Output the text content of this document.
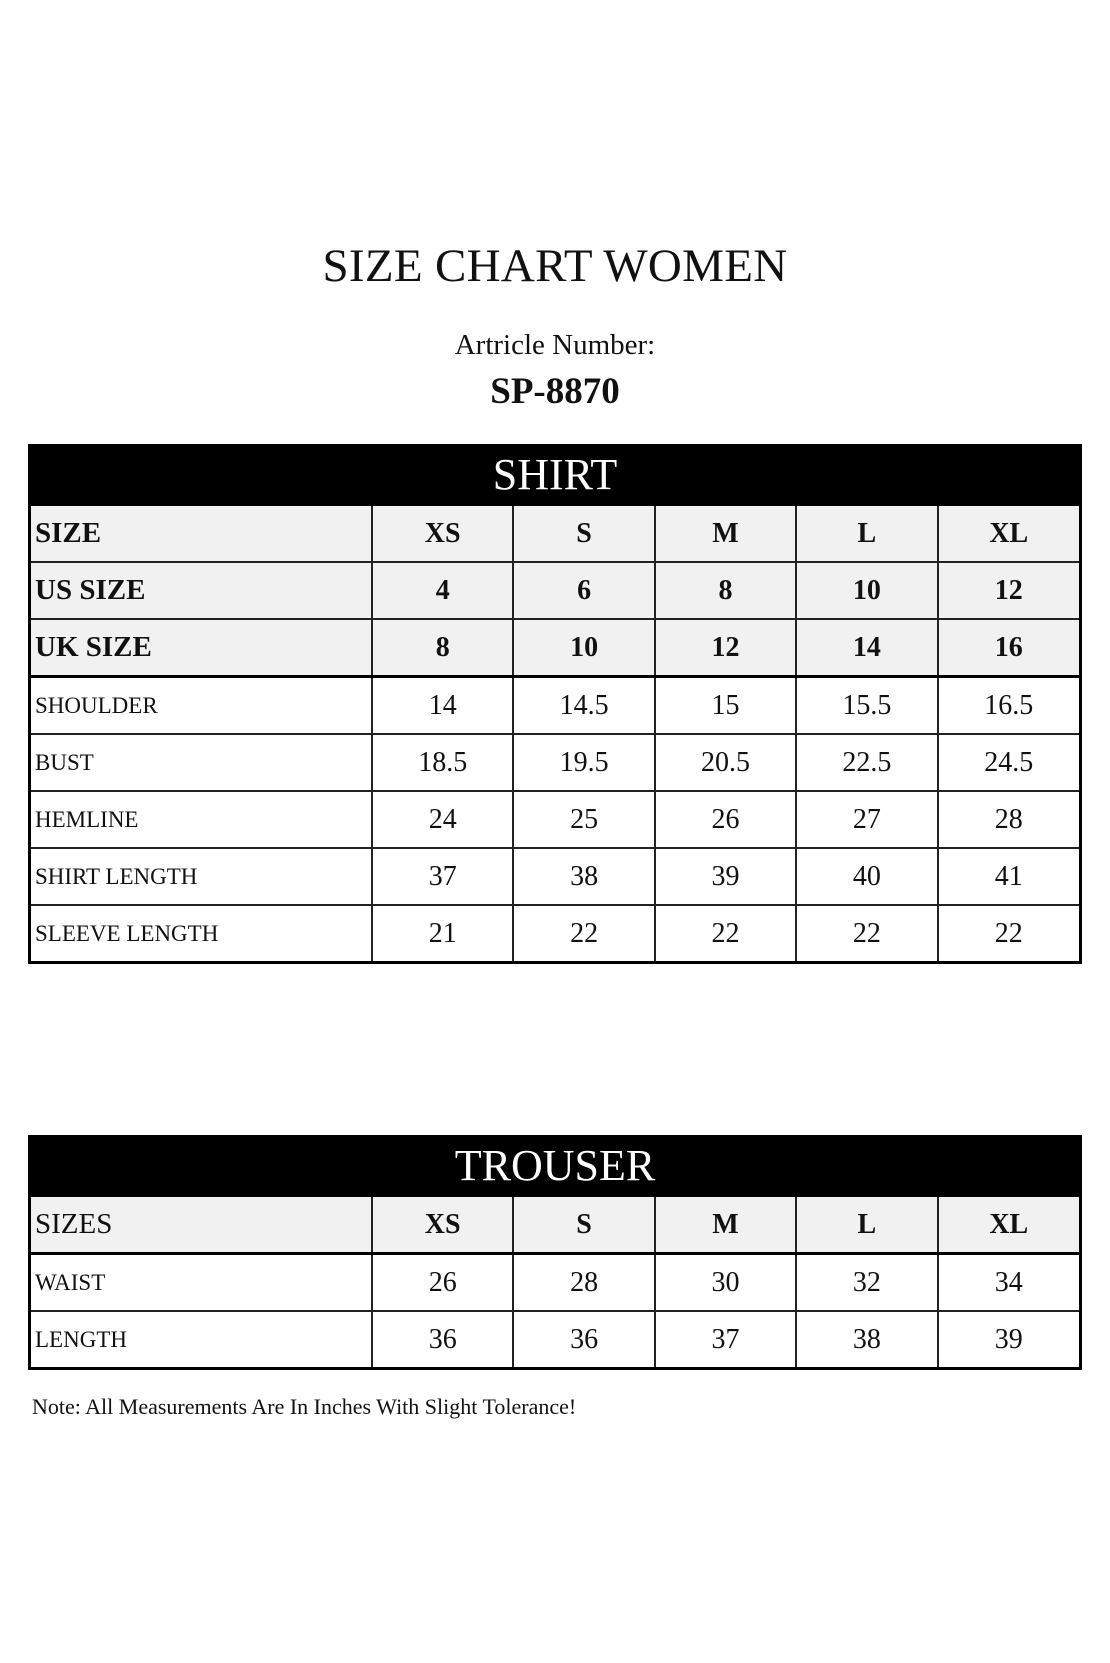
SIZE CHART WOMEN
Artricle Number:
SP-8870
SHIRT
SIZE	XS	S	M	L	XL
US SIZE	4	6	8	10	12
UK SIZE	8	10	12	14	16
SHOULDER	14	14.5	15	15.5	16.5
BUST	18.5	19.5	20.5	22.5	24.5
HEMLINE	24	25	26	27	28
SHIRT LENGTH	37	38	39	40	41
SLEEVE LENGTH	21	22	22	22	22
TROUSER
SIZES	XS	S	M	L	XL
WAIST	26	28	30	32	34
LENGTH	36	36	37	38	39
Note: All Measurements Are In Inches With Slight Tolerance!
